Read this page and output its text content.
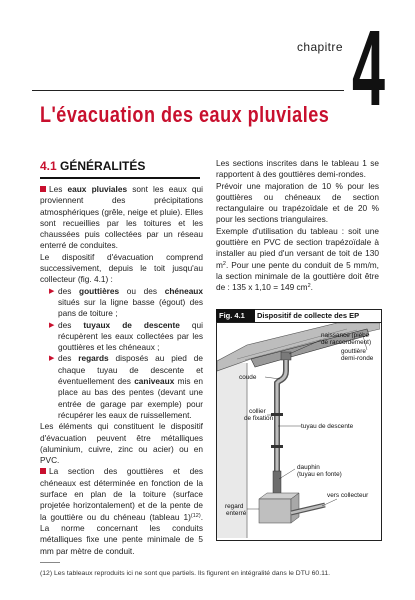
chapitre 4
L'évacuation des eaux pluviales
4.1 GÉNÉRALITÉS

Les eaux pluviales sont les eaux qui proviennent des précipitations atmosphériques (grêle, neige et pluie). Elles sont recueillies par les toitures et les chaussées puis collectées par un réseau enterré de conduites.

Le dispositif d'évacuation comprend successivement, depuis le toit jusqu'au collecteur (fig. 4.1) :

▶ des gouttières ou des chéneaux situés sur la ligne basse (égout) des pans de toiture ;

▶ des tuyaux de descente qui récupèrent les eaux collectées par les gouttières et les chéneaux ;

▶ des regards disposés au pied de chaque tuyau de descente et éventuellement des caniveaux mis en place au bas des pentes (devant une entrée de garage par exemple) pour récupérer les eaux de ruissellement.

Les éléments qui constituent le dispositif d'évacuation peuvent être métalliques (aluminium, cuivre, zinc ou acier) ou en PVC.

La section des gouttières et des chéneaux est déterminée en fonction de la surface en plan de la toiture (surface projetée horizontalement) et de la pente de la gouttière ou du chéneau (tableau 1)$^{(12)}$. La norme concernant les conduits métalliques fixe une pente minimale de 5 mm par mètre de conduit.

Les sections inscrites dans le tableau 1 se rapportent à des gouttières demi-rondes.

Prévoir une majoration de 10 % pour les gouttières ou chéneaux de section rectangulaire ou trapézoïdale et de 20 % pour les sections triangulaires.

Exemple d'utilisation du tableau : soit une gouttière en PVC de section trapézoïdale à installer au pied d'un versant de toit de 130 $m^2$. Pour une pente du conduit de 5 mm/m, la section minimale de la gouttière doit être de : 135 x 1,10 = 149 $cm^2$.

Fig. 4.1	Dispositif de collecte des EP
naissance (pièce
de raccordement)
gouttière
demi-ronde
coude
collier
de fixation
tuyau de descente
dauphin
(tuyau en fonte)
vers collecteur
regard
enterré
(12) Les tableaux reproduits ici ne sont que partiels. Ils figurent en intégralité dans le DTU 60.11.
